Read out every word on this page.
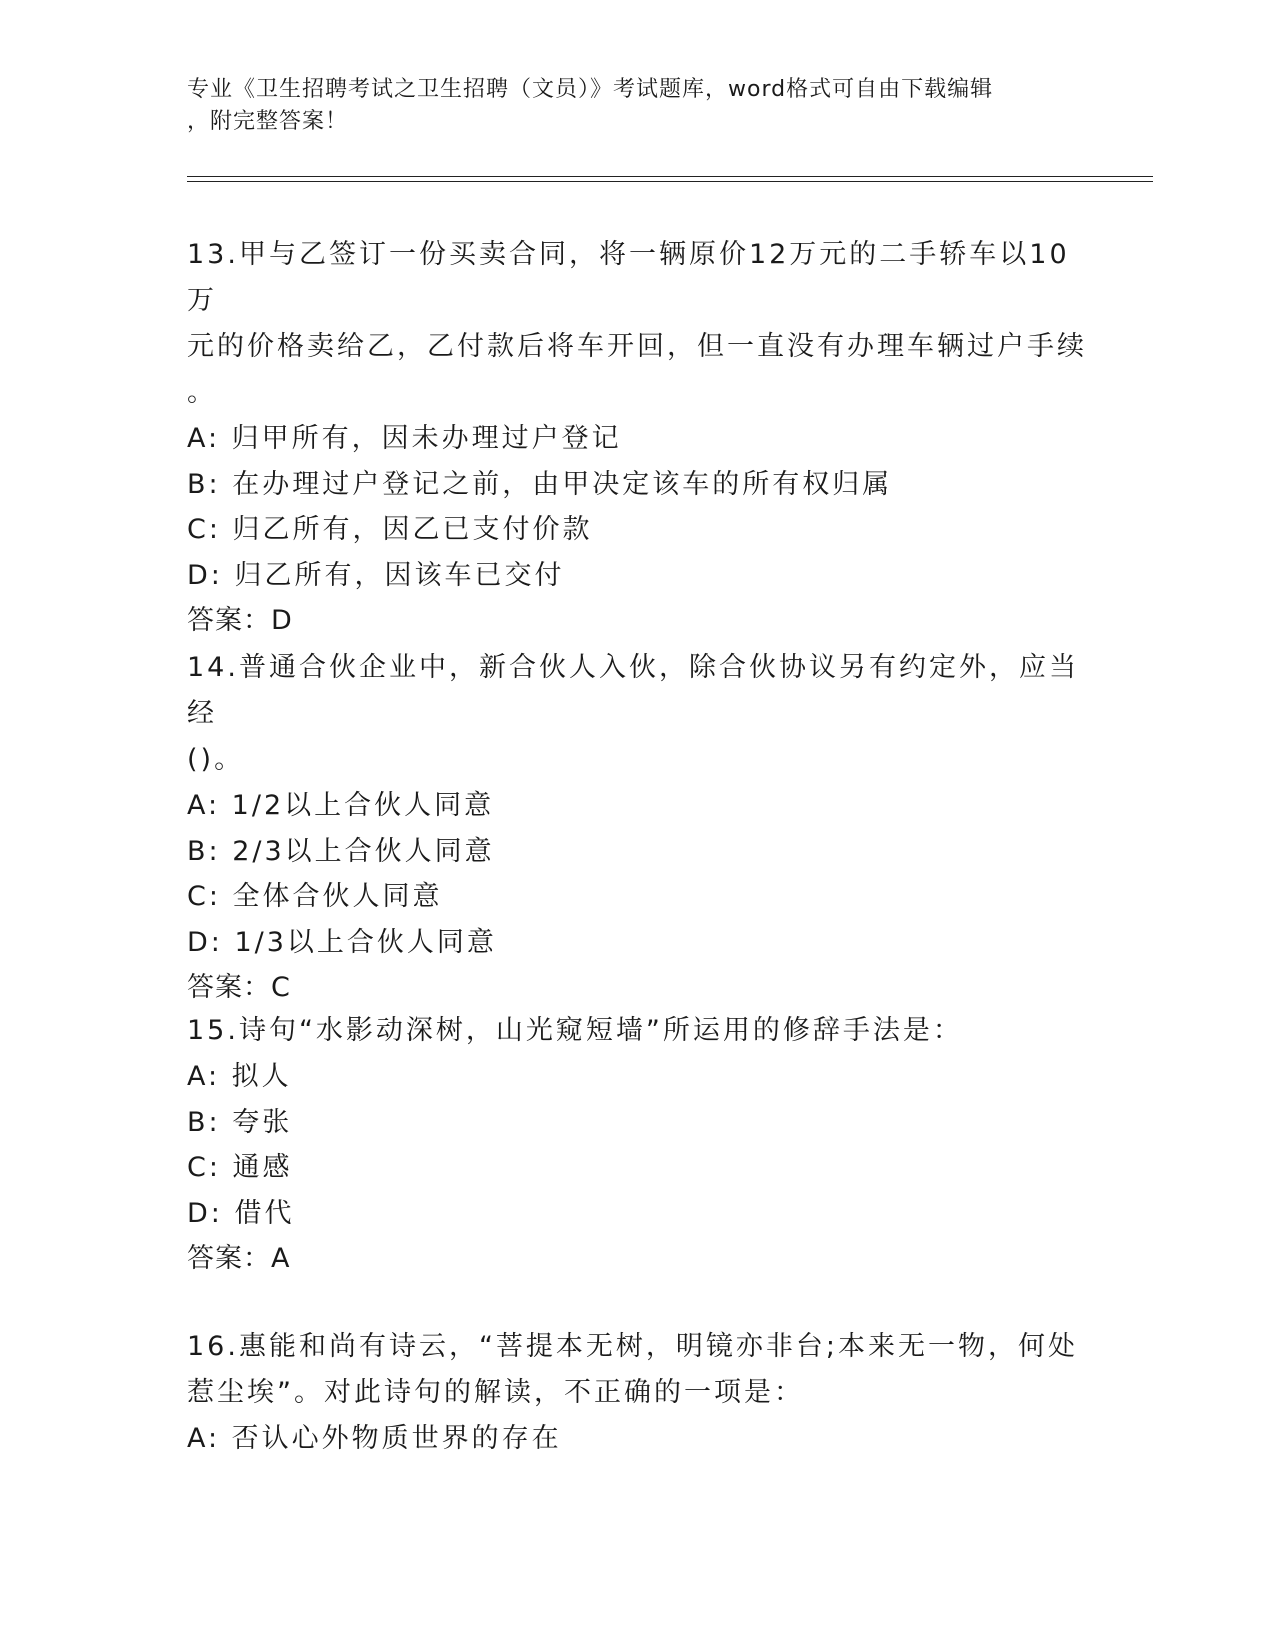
专业《卫生招聘考试之卫生招聘（文员）》考试题库，word格式可自由下载编辑
，附完整答案！
13.甲与乙签订一份买卖合同，将一辆原价12万元的二手轿车以10万
元的价格卖给乙，乙付款后将车开回，但一直没有办理车辆过户手续
。
A: 归甲所有，因未办理过户登记
B: 在办理过户登记之前，由甲决定该车的所有权归属
C: 归乙所有，因乙已支付价款
D: 归乙所有，因该车已交付
答案：D
14.普通合伙企业中，新合伙人入伙，除合伙协议另有约定外，应当经
()。
A: 1/2以上合伙人同意
B: 2/3以上合伙人同意
C: 全体合伙人同意
D: 1/3以上合伙人同意
答案：C
15.诗句“水影动深树，山光窥短墙”所运用的修辞手法是：
A: 拟人
B: 夸张
C: 通感
D: 借代
答案：A
16.惠能和尚有诗云，“菩提本无树，明镜亦非台;本来无一物，何处
惹尘埃”。对此诗句的解读，不正确的一项是：
A: 否认心外物质世界的存在
